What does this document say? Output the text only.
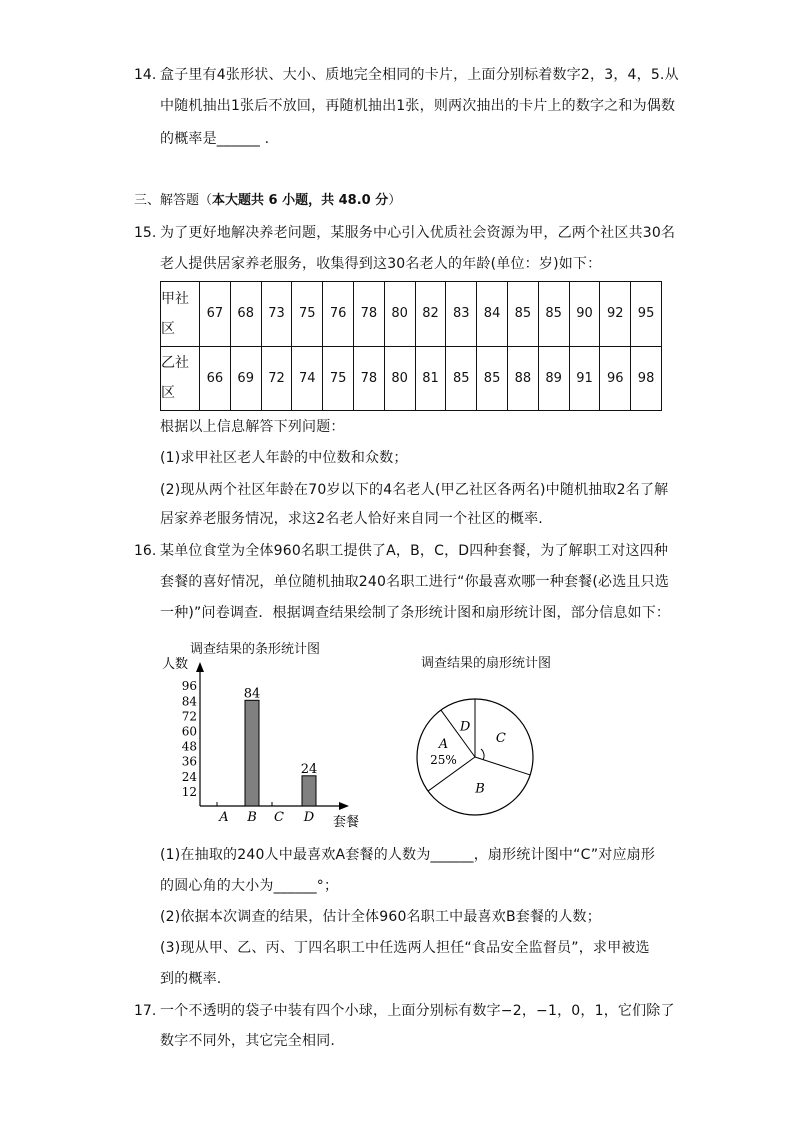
14. 盒子里有4张形状、大小、质地完全相同的卡片，上面分别标着数字2，3，4，5.从
中随机抽出1张后不放回，再随机抽出1张，则两次抽出的卡片上的数字之和为偶数
的概率是______ .
三、解答题（本大题共 6 小题，共 48.0 分）
15. 为了更好地解决养老问题，某服务中心引入优质社会资源为甲，乙两个社区共30名
老人提供居家养老服务，收集得到这30名老人的年龄(单位：岁)如下：
甲社区	67	68	73	75	76	78	80	82	83	84	85	85	90	92	95
乙社区	66	69	72	74	75	78	80	81	85	85	88	89	91	96	98
根据以上信息解答下列问题：
(1)求甲社区老人年龄的中位数和众数；
(2)现从两个社区年龄在70岁以下的4名老人(甲乙社区各两名)中随机抽取2名了解
居家养老服务情况，求这2名老人恰好来自同一个社区的概率.
16. 某单位食堂为全体960名职工提供了A，B，C，D四种套餐，为了解职工对这四种
套餐的喜好情况，单位随机抽取240名职工进行“你最喜欢哪一种套餐(必选且只选
一种)”问卷调查．根据调查结果绘制了条形统计图和扇形统计图，部分信息如下：
调查结果的条形统计图
调查结果的扇形统计图
人数
套餐
12
24
36
48
60
72
84
96
A B
84
C D
24
D
C
B
A
25%
(1)在抽取的240人中最喜欢A套餐的人数为______，扇形统计图中“C”对应扇形
的圆心角的大小为______°；
(2)依据本次调查的结果，估计全体960名职工中最喜欢B套餐的人数；
(3)现从甲、乙、丙、丁四名职工中任选两人担任“食品安全监督员”，求甲被选
到的概率.
17. 一个不透明的袋子中装有四个小球，上面分别标有数字−2，−1，0，1，它们除了
数字不同外，其它完全相同.
